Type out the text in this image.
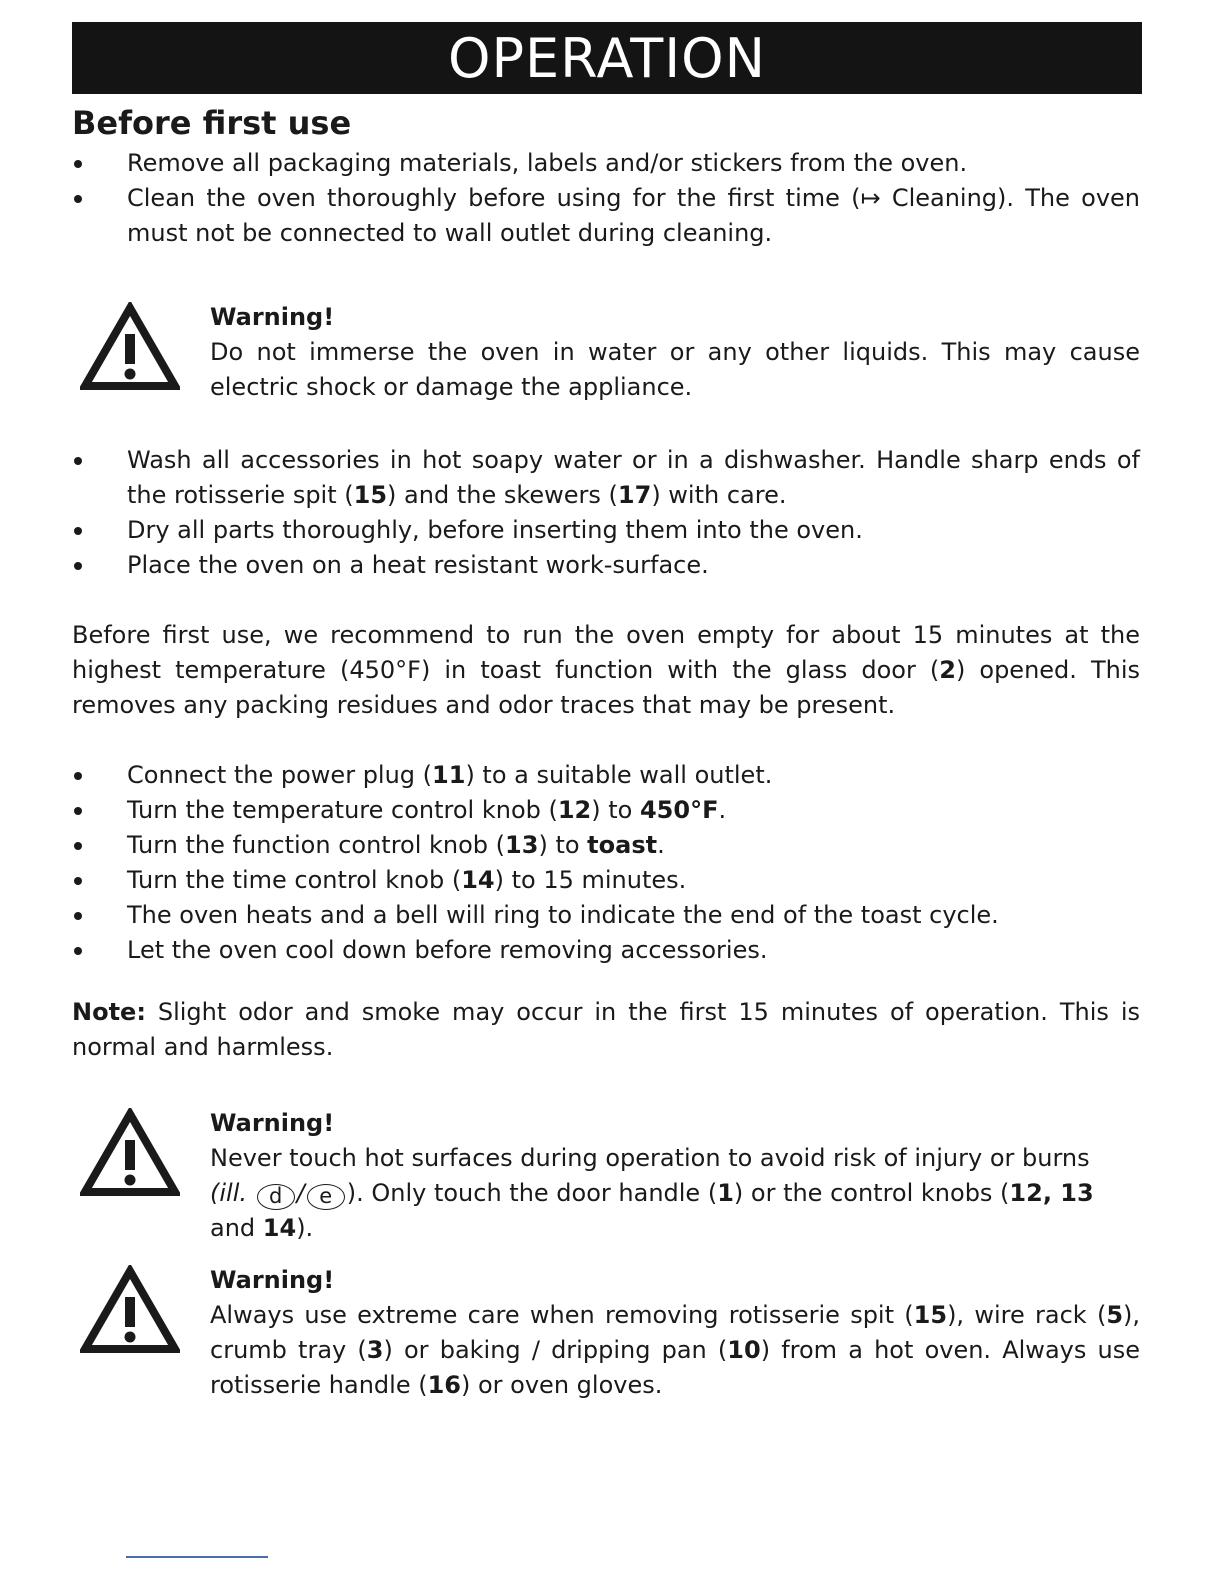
OPERATION
Before first use
Remove all packaging materials, labels and/or stickers from the oven.
Clean the oven thoroughly before using for the first time (↦ Cleaning). The oven must not be connected to wall outlet during cleaning.
Warning!
Do not immerse the oven in water or any other liquids. This may cause electric shock or damage the appliance.
Wash all accessories in hot soapy water or in a dishwasher. Handle sharp ends of the rotisserie spit (15) and the skewers (17) with care.
Dry all parts thoroughly, before inserting them into the oven.
Place the oven on a heat resistant work-surface.

Before first use, we recommend to run the oven empty for about 15 minutes at the highest temperature (450°F) in toast function with the glass door (2) opened. This removes any packing residues and odor traces that may be present.

Connect the power plug (11) to a suitable wall outlet.
Turn the temperature control knob (12) to 450°F.
Turn the function control knob (13) to toast.
Turn the time control knob (14) to 15 minutes.
The oven heats and a bell will ring to indicate the end of the toast cycle.
Let the oven cool down before removing accessories.

Note: Slight odor and smoke may occur in the first 15 minutes of operation. This is normal and harmless.

Warning!
Never touch hot surfaces during operation to avoid risk of injury or burns
(ill. d / e ). Only touch the door handle (1) or the control knobs (12, 13 and 14).
Warning!
Always use extreme care when removing rotisserie spit (15), wire rack (5), crumb tray (3) or baking / dripping pan (10) from a hot oven. Always use rotisserie handle (16) or oven gloves.
